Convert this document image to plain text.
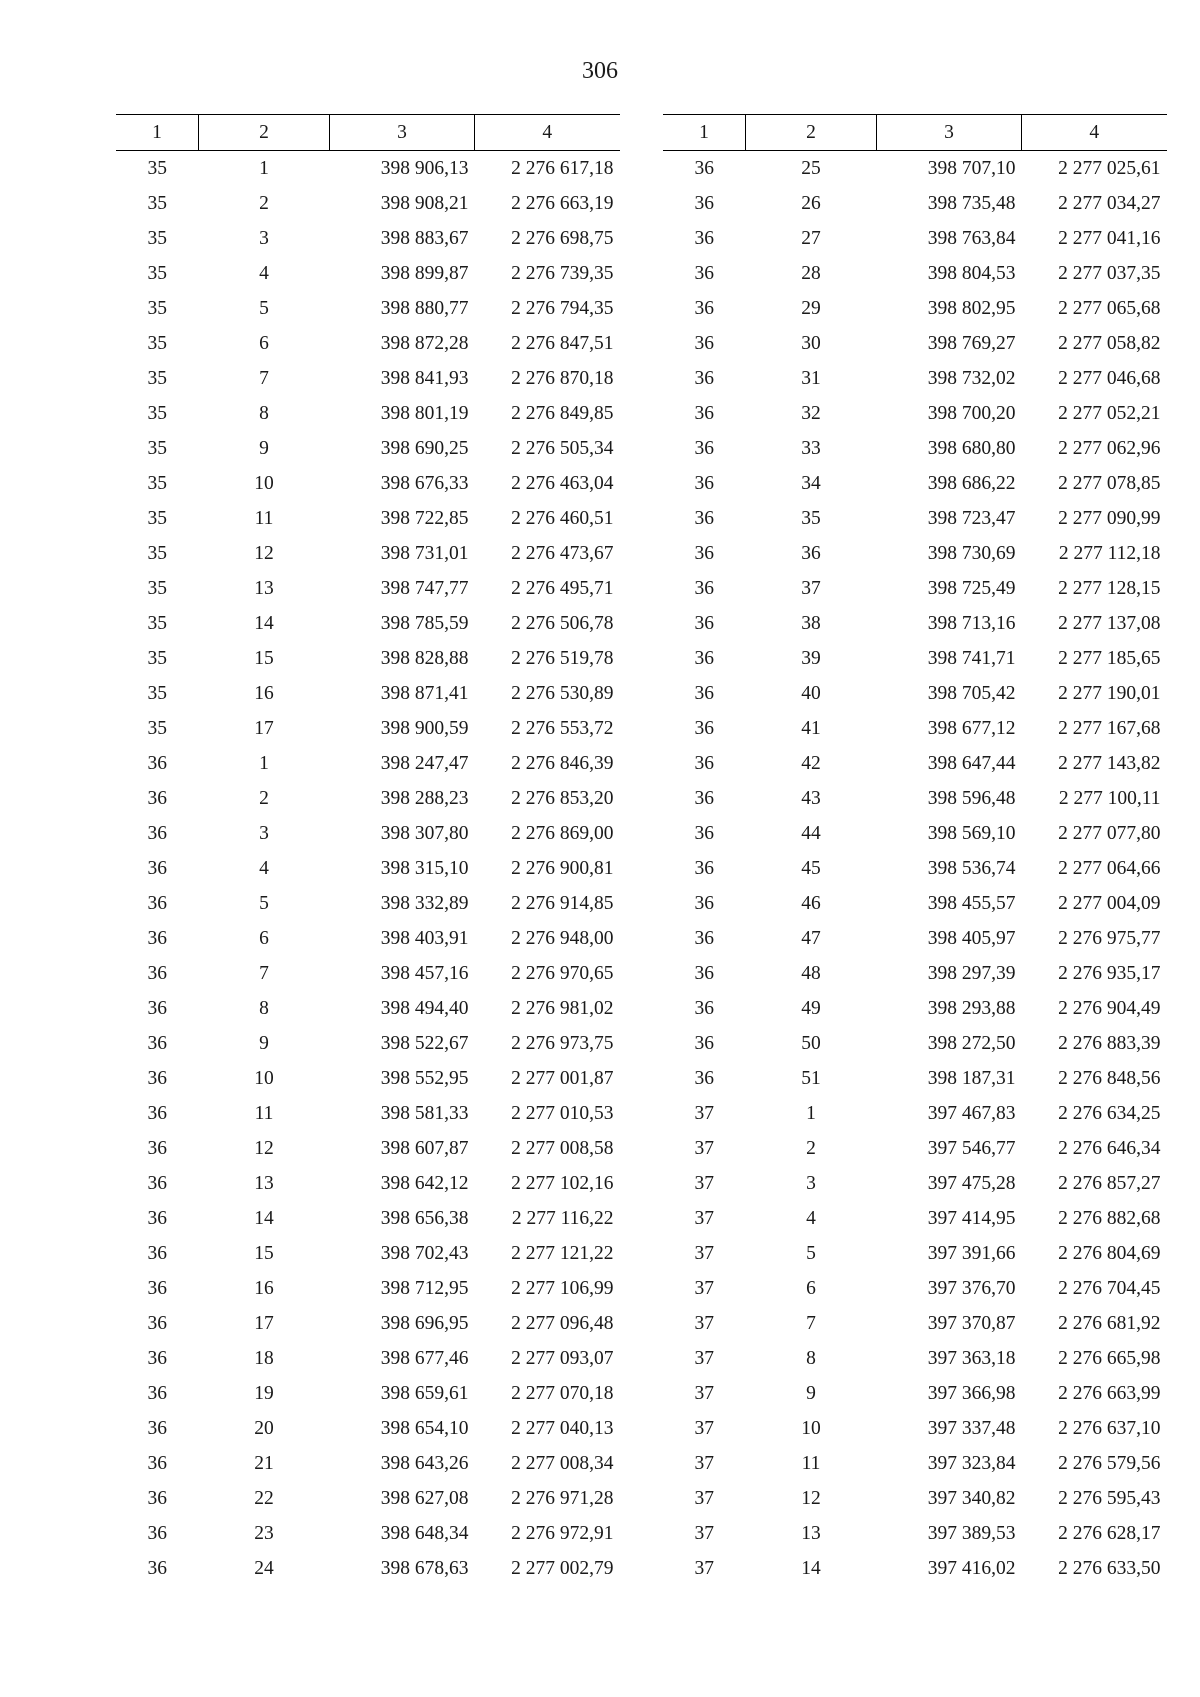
306
1	2	3	4
35	1	398 906,13	2 276 617,18
35	2	398 908,21	2 276 663,19
35	3	398 883,67	2 276 698,75
35	4	398 899,87	2 276 739,35
35	5	398 880,77	2 276 794,35
35	6	398 872,28	2 276 847,51
35	7	398 841,93	2 276 870,18
35	8	398 801,19	2 276 849,85
35	9	398 690,25	2 276 505,34
35	10	398 676,33	2 276 463,04
35	11	398 722,85	2 276 460,51
35	12	398 731,01	2 276 473,67
35	13	398 747,77	2 276 495,71
35	14	398 785,59	2 276 506,78
35	15	398 828,88	2 276 519,78
35	16	398 871,41	2 276 530,89
35	17	398 900,59	2 276 553,72
36	1	398 247,47	2 276 846,39
36	2	398 288,23	2 276 853,20
36	3	398 307,80	2 276 869,00
36	4	398 315,10	2 276 900,81
36	5	398 332,89	2 276 914,85
36	6	398 403,91	2 276 948,00
36	7	398 457,16	2 276 970,65
36	8	398 494,40	2 276 981,02
36	9	398 522,67	2 276 973,75
36	10	398 552,95	2 277 001,87
36	11	398 581,33	2 277 010,53
36	12	398 607,87	2 277 008,58
36	13	398 642,12	2 277 102,16
36	14	398 656,38	2 277 116,22
36	15	398 702,43	2 277 121,22
36	16	398 712,95	2 277 106,99
36	17	398 696,95	2 277 096,48
36	18	398 677,46	2 277 093,07
36	19	398 659,61	2 277 070,18
36	20	398 654,10	2 277 040,13
36	21	398 643,26	2 277 008,34
36	22	398 627,08	2 276 971,28
36	23	398 648,34	2 276 972,91
36	24	398 678,63	2 277 002,79
1	2	3	4
36	25	398 707,10	2 277 025,61
36	26	398 735,48	2 277 034,27
36	27	398 763,84	2 277 041,16
36	28	398 804,53	2 277 037,35
36	29	398 802,95	2 277 065,68
36	30	398 769,27	2 277 058,82
36	31	398 732,02	2 277 046,68
36	32	398 700,20	2 277 052,21
36	33	398 680,80	2 277 062,96
36	34	398 686,22	2 277 078,85
36	35	398 723,47	2 277 090,99
36	36	398 730,69	2 277 112,18
36	37	398 725,49	2 277 128,15
36	38	398 713,16	2 277 137,08
36	39	398 741,71	2 277 185,65
36	40	398 705,42	2 277 190,01
36	41	398 677,12	2 277 167,68
36	42	398 647,44	2 277 143,82
36	43	398 596,48	2 277 100,11
36	44	398 569,10	2 277 077,80
36	45	398 536,74	2 277 064,66
36	46	398 455,57	2 277 004,09
36	47	398 405,97	2 276 975,77
36	48	398 297,39	2 276 935,17
36	49	398 293,88	2 276 904,49
36	50	398 272,50	2 276 883,39
36	51	398 187,31	2 276 848,56
37	1	397 467,83	2 276 634,25
37	2	397 546,77	2 276 646,34
37	3	397 475,28	2 276 857,27
37	4	397 414,95	2 276 882,68
37	5	397 391,66	2 276 804,69
37	6	397 376,70	2 276 704,45
37	7	397 370,87	2 276 681,92
37	8	397 363,18	2 276 665,98
37	9	397 366,98	2 276 663,99
37	10	397 337,48	2 276 637,10
37	11	397 323,84	2 276 579,56
37	12	397 340,82	2 276 595,43
37	13	397 389,53	2 276 628,17
37	14	397 416,02	2 276 633,50
